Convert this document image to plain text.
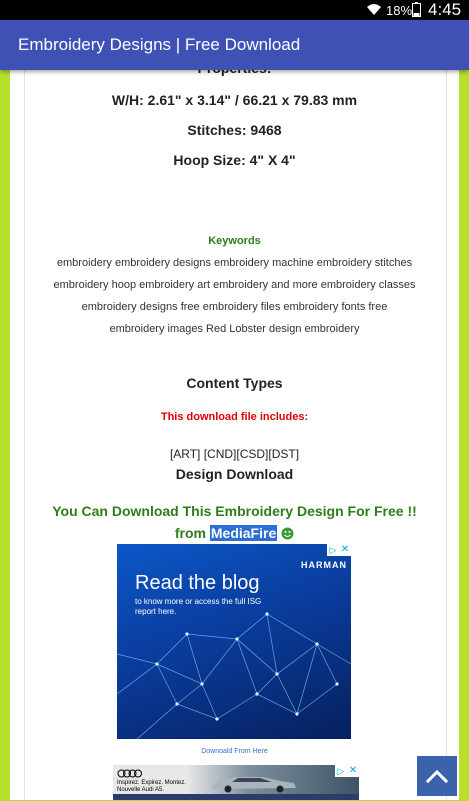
18% 4:45
Embroidery Designs | Free Download
W/H: 2.61" x 3.14" / 66.21 x 79.83 mm
Stitches: 9468
Hoop Size: 4" X 4"
Keywords
embroidery embroidery designs embroidery machine embroidery stitches
embroidery hoop embroidery art embroidery and more embroidery classes
embroidery designs free embroidery files embroidery fonts free
embroidery images Red Lobster design embroidery
Content Types
This download file includes:
[ART] [CND][CSD][DST]
Design Download
You Can Download This Embroidery Design For Free !!
from MediaFire
Read the blog
to know more or access the full ISG report here.
HARMAN
▷ ✕
Downoald From Here
Inspirez. Expirez. Montez.
Nouvelle Audi A5.
▷ ✕
